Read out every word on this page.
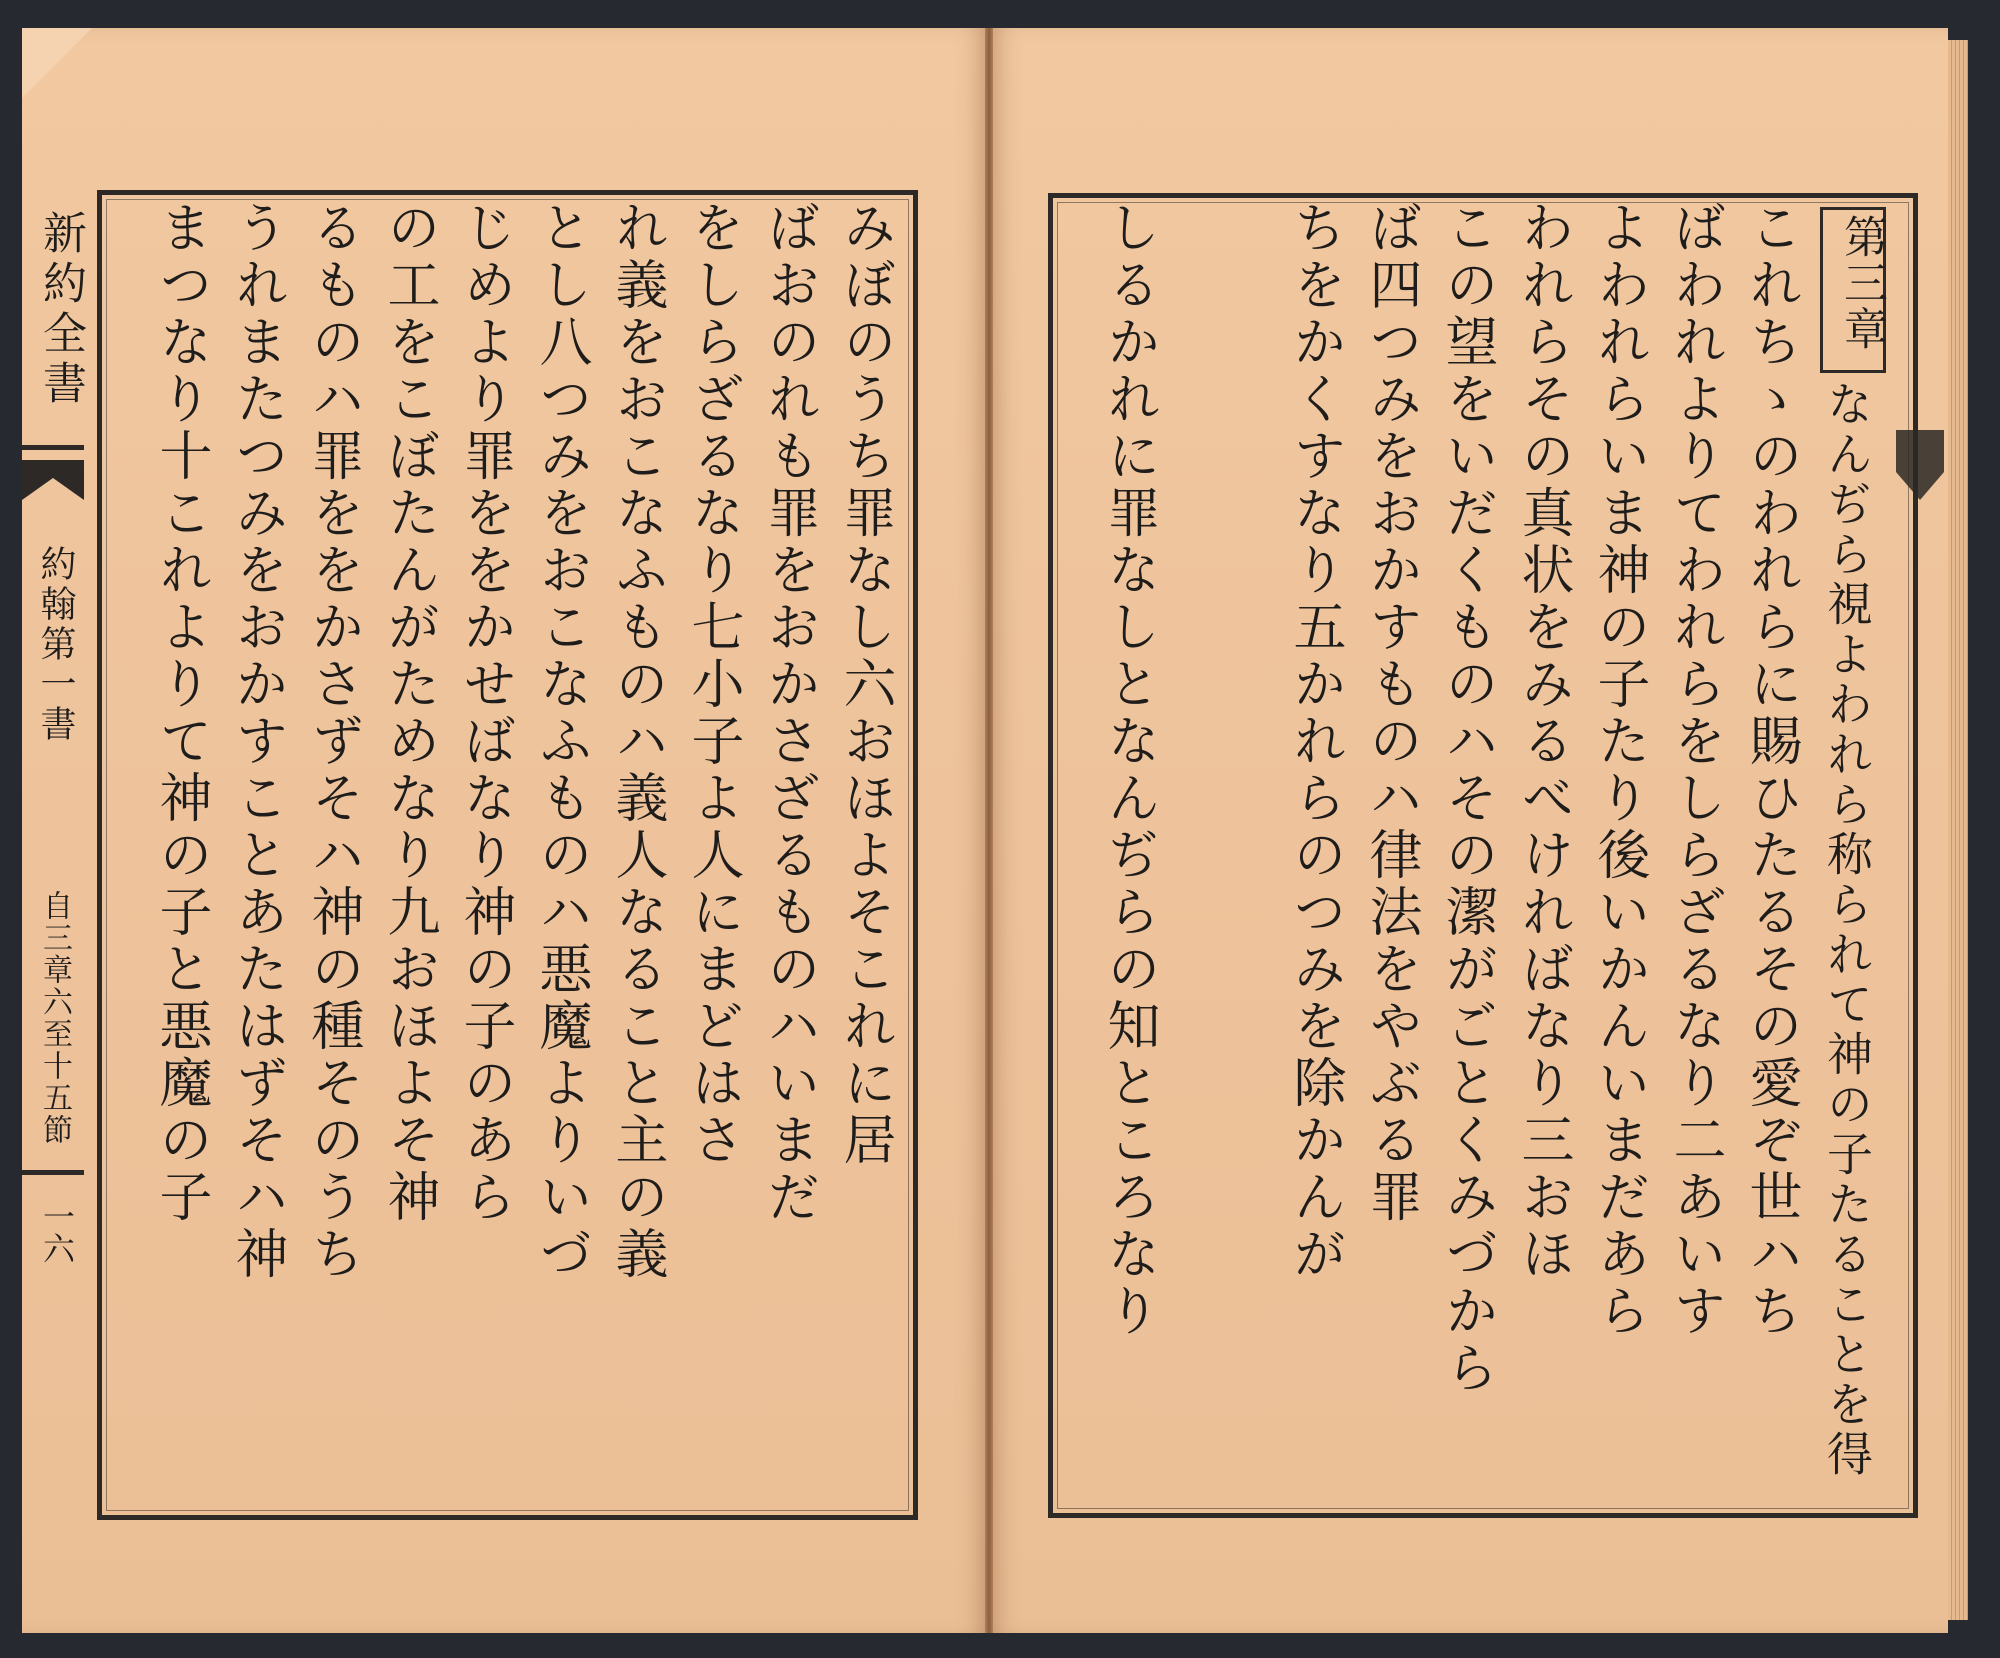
新約全書
約翰第一書
自三章六至十五節
一六
みぼのうち罪なし六おほよそこれに居
ばおのれも罪をおかさざるものハいまだ
をしらざるなり七小子よ人にまどはさ
れ義をおこなふものハ義人なること主の義
とし八つみをおこなふものハ悪魔よりいづ
じめより罪ををかせばなり神の子のあら
の工をこぼたんがためなり九おほよそ神
るものハ罪ををかさずそハ神の種そのうち
うれまたつみをおかすことあたはずそハ神
まつなり十これよりて神の子と悪魔の子	第三章
なんぢら視よわれら称られて神の子たることを得
これちゝのわれらに賜ひたるその愛ぞ世ハち
ばわれよりてわれらをしらざるなり二あいす
よわれらいま神の子たり後いかんいまだあら
われらその真状をみるべければなり三おほ
この望をいだくものハその潔がごとくみづから
ば四つみをおかすものハ律法をやぶる罪
ちをかくすなり五かれらのつみを除かんが
しるかれに罪なしとなんぢらの知ところなり
